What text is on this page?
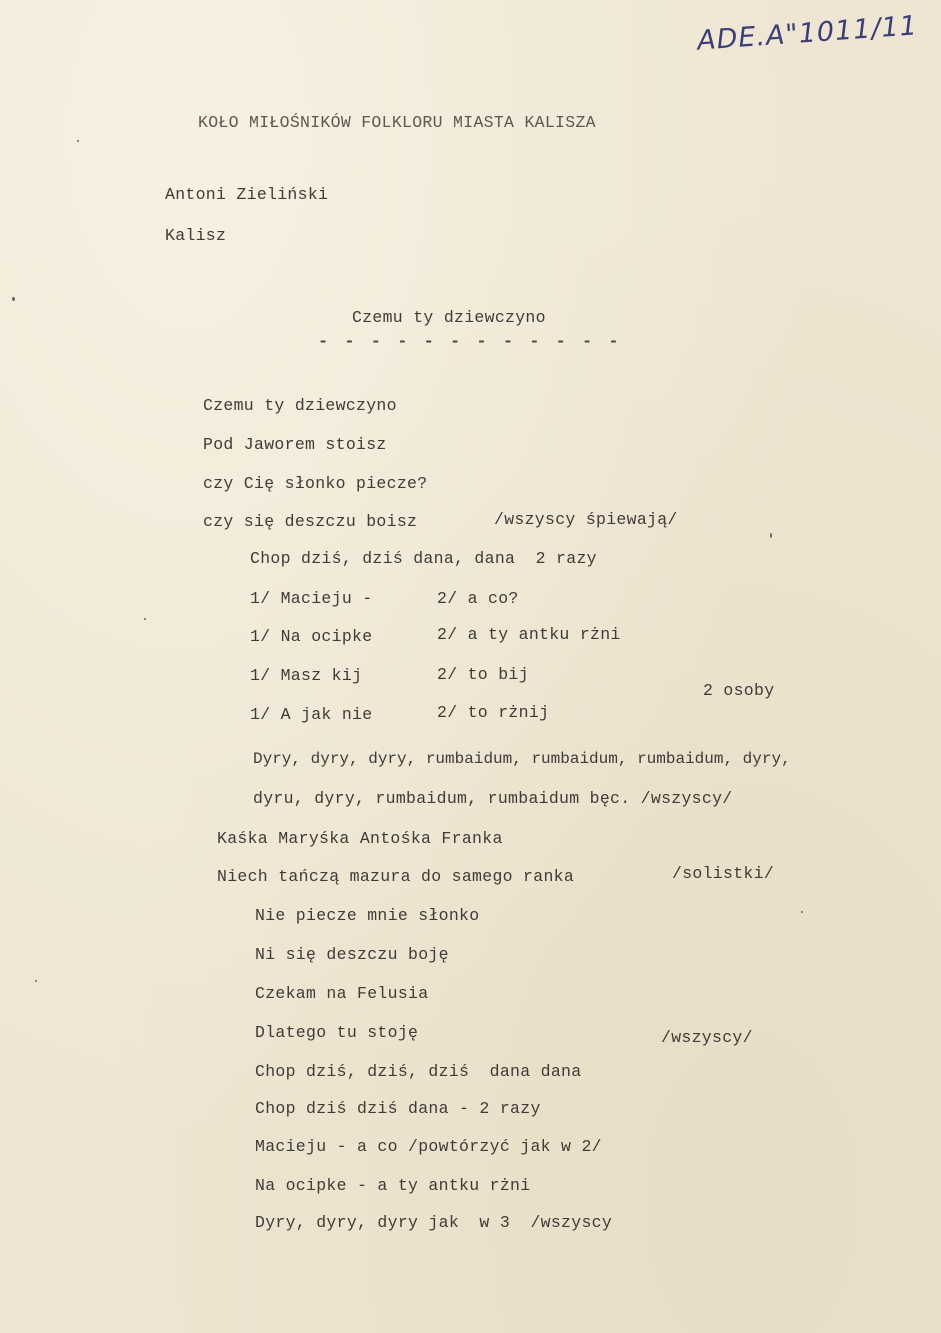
ADE.A"1011/11
KOŁO MIŁOŚNIKÓW FOLKLORU MIASTA KALISZA
Antoni Zieliński
Kalisz
Czemu ty dziewczyno
- - - - - - - - - - - -
Czemu ty dziewczyno
Pod Jaworem stoisz
czy Cię słonko piecze?
czy się deszczu boisz	/wszyscy śpiewają/
Chop dziś, dziś dana, dana  2 razy
1/ Macieju -	2/ a co?
1/ Na ocipke	2/ a ty antku rżni
1/ Masz kij	2/ to bij
2 osoby
1/ A jak nie	2/ to rżnij
Dyry, dyry, dyry, rumbaidum, rumbaidum, rumbaidum, dyry,
dyru, dyry, rumbaidum, rumbaidum bęc. /wszyscy/
Kaśka Maryśka Antośka Franka
Niech tańczą mazura do samego ranka	/solistki/
Nie piecze mnie słonko
Ni się deszczu boję
Czekam na Felusia
Dlatego tu stoję	/wszyscy/
Chop dziś, dziś, dziś  dana dana
Chop dziś dziś dana - 2 razy
Macieju - a co /powtórzyć jak w 2/
Na ocipke - a ty antku rżni
Dyry, dyry, dyry jak  w 3  /wszyscy
